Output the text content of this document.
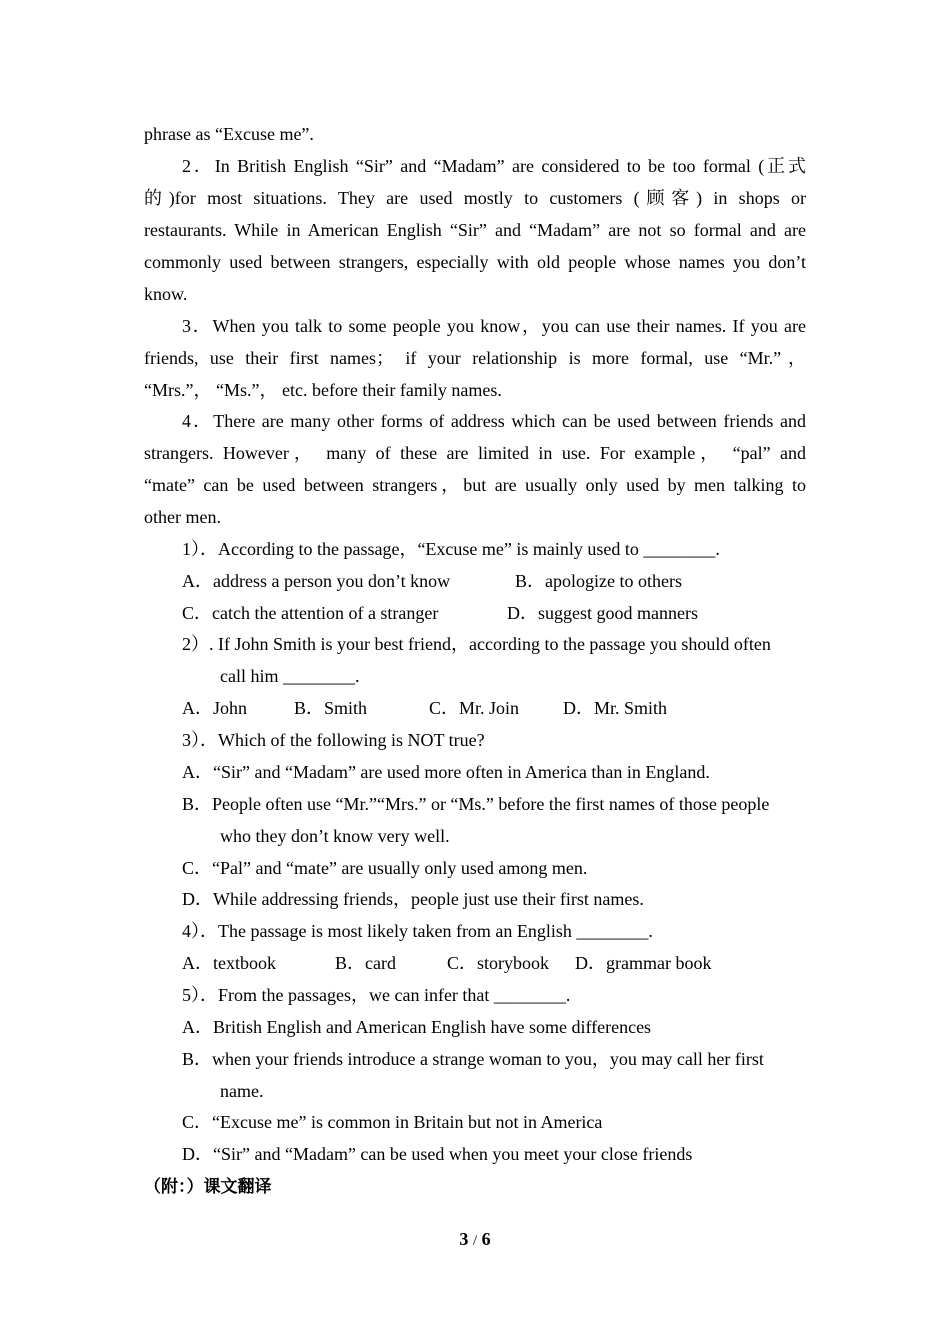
phrase as “Excuse me”.
2．In British English “Sir” and “Madam” are considered to be too formal (正式
的)for most situations. They are used mostly to customers (顾客) in shops or
restaurants. While in American English “Sir” and “Madam” are not so formal and are
commonly used between strangers, especially with old people whose names you don’t
know.
3．When you talk to some people you know，you can use their names. If you are
friends, use their first names； if your relationship is more formal, use “Mr.”，
“Mrs.”， “Ms.”， etc. before their family names.
4．There are many other forms of address which can be used between friends and
strangers. However， many of these are limited in use. For example， “pal” and
“mate” can be used between strangers，but are usually only used by men talking to
other men.
1）．According to the passage，“Excuse me” is mainly used to ________.
A．address a person you don’t know	B．apologize to others
C．catch the attention of a stranger	D．suggest good manners
2）. If John Smith is your best friend，according to the passage you should often
call him ________.
A．John	B．Smith	C．Mr. Join D．Mr. Smith
3）．Which of the following is NOT true?
A．“Sir” and “Madam” are used more often in America than in England.
B．People often use “Mr.”“Mrs.” or “Ms.” before the first names of those people
who they don’t know very well.
C．“Pal” and “mate” are usually only used among men.
D．While addressing friends，people just use their first names.
4）．The passage is most likely taken from an English ________.
A．textbook	B．card	C．storybook D．grammar book
5）．From the passages，we can infer that ________.
A．British English and American English have some differences
B．when your friends introduce a strange woman to you，you may call her first
name.
C．“Excuse me” is common in Britain but not in America
D．“Sir” and “Madam” can be used when you meet your close friends
（附：）课文翻译
3 / 6
